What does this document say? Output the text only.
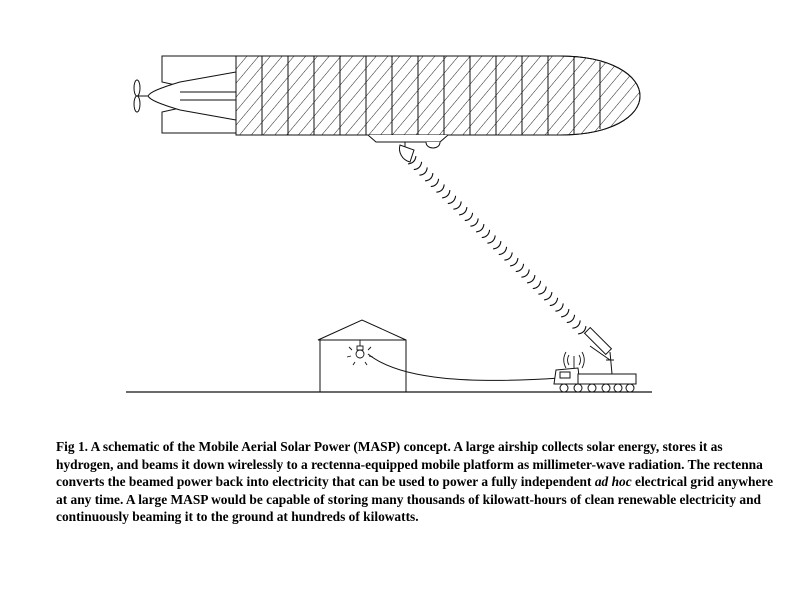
Fig 1. A schematic of the Mobile Aerial Solar Power (MASP) concept. A large airship collects solar energy, stores it as hydrogen, and beams it down wirelessly to a rectenna-equipped mobile platform as millimeter-wave radiation. The rectenna converts the beamed power back into electricity that can be used to power a fully independent ad hoc electrical grid anywhere at any time. A large MASP would be capable of storing many thousands of kilowatt-hours of clean renewable electricity and continuously beaming it to the ground at hundreds of kilowatts.
